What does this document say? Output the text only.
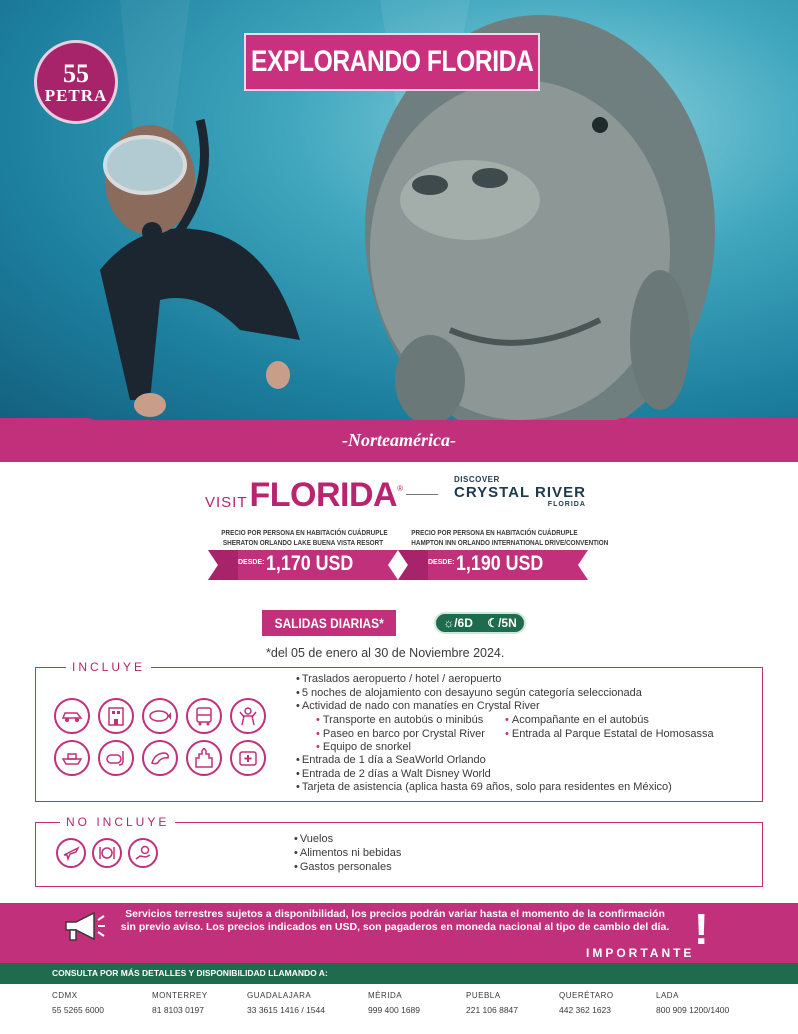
55
PETRA
EXPLORANDO FLORIDA
-Norteamérica-
VISIT FLORIDA ®
DISCOVER
CRYSTAL RIVER
FLORIDA
PRECIO POR PERSONA EN HABITACIÓN CUÁDRUPLE
SHERATON ORLANDO LAKE BUENA VISTA RESORT
DESDE: 1,170 USD
PRECIO POR PERSONA EN HABITACIÓN CUÁDRUPLE
HAMPTON INN ORLANDO INTERNATIONAL DRIVE/CONVENTION
DESDE: 1,190 USD
SALIDAS DIARIAS*	☼/6D ☾/5N
*del 05 de enero al 30 de Noviembre 2024.
INCLUYE
• Traslados aeropuerto / hotel / aeropuerto
• 5 noches de alojamiento con desayuno según categoría seleccionada
• Actividad de nado con manatíes en Crystal River
• Transporte en autobús o minibús
• Paseo en barco por Crystal River
• Equipo de snorkel
• Acompañante en el autobús
• Entrada al Parque Estatal de Homosassa
• Entrada de 1 día a SeaWorld Orlando
• Entrada de 2 días a Walt Disney World
• Tarjeta de asistencia (aplica hasta 69 años, solo para residentes en México)
NO INCLUYE
• Vuelos
• Alimentos ni bebidas
• Gastos personales
Servicios terrestres sujetos a disponibilidad, los precios podrán variar hasta el momento de la confirmación
sin previo aviso. Los precios indicados en USD, son pagaderos en moneda nacional al tipo de cambio del día.
IMPORTANTE !
CONSULTA POR MÁS DETALLES Y DISPONIBILIDAD LLAMANDO A:
CDMX
55 5265 6000
MONTERREY
81 8103 0197
GUADALAJARA
33 3615 1416 / 1544
MÉRIDA
999 400 1689
PUEBLA
221 106 8847
QUERÉTARO
442 362 1623
LADA
800 909 1200/1400
